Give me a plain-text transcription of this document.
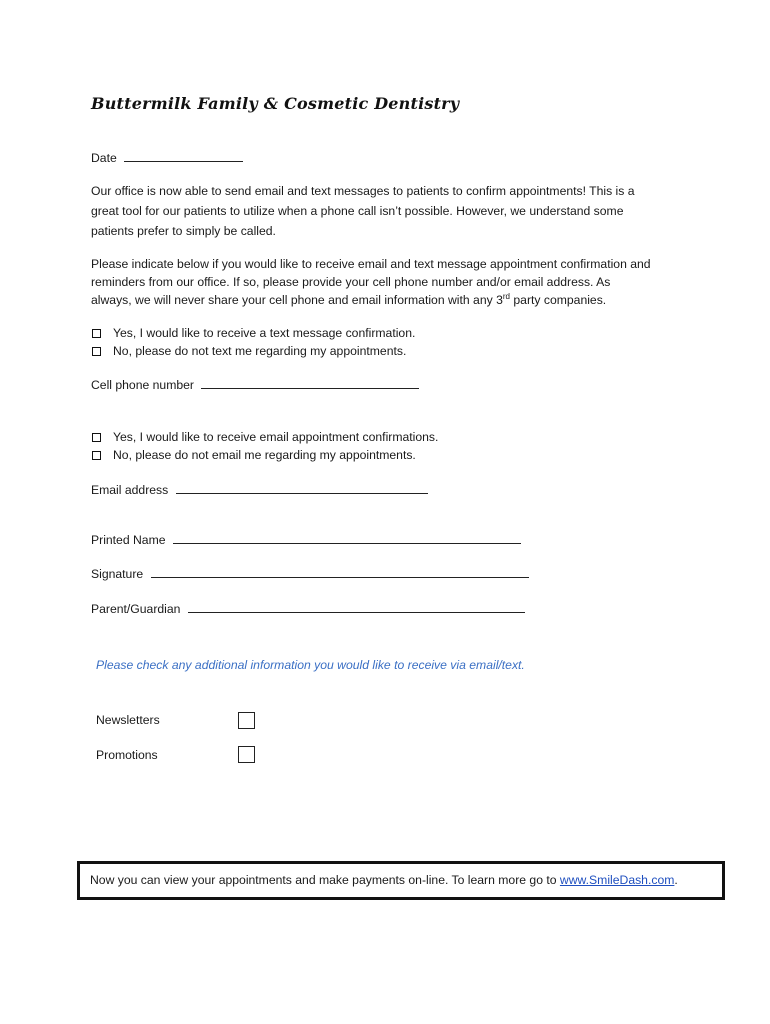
Buttermilk Family & Cosmetic Dentistry
Date
Our office is now able to send email and text messages to patients to confirm appointments! This is a
great tool for our patients to utilize when a phone call isn’t possible. However, we understand some
patients prefer to simply be called.
Please indicate below if you would like to receive email and text message appointment confirmation and
reminders from our office. If so, please provide your cell phone number and/or email address. As
always, we will never share your cell phone and email information with any 3rd party companies.
Yes, I would like to receive a text message confirmation.
No, please do not text me regarding my appointments.
Cell phone number
Yes, I would like to receive email appointment confirmations.
No, please do not email me regarding my appointments.
Email address
Printed Name
Signature
Parent/Guardian
Please check any additional information you would like to receive via email/text.
Newsletters
Promotions
Now you can view your appointments and make payments on-line. To learn more go to www.SmileDash.com.
